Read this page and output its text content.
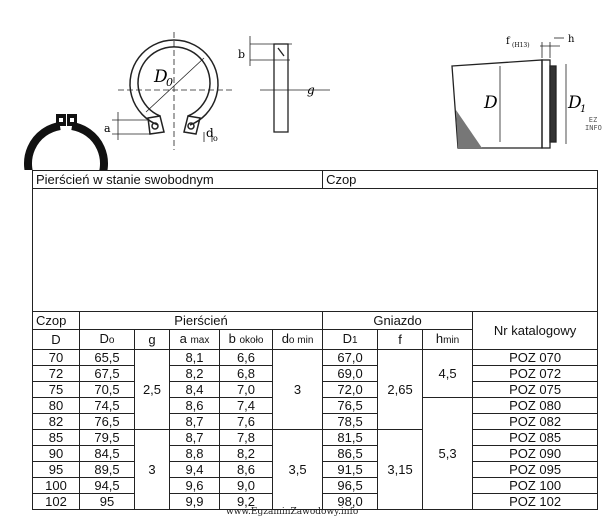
D
0
a	d o
b
g
D	D
1
f (H13)
h
EZ INFO
Pierścień w stanie swobodnym						Czop			

Czop	Pierścień					Gniazdo			Nr katalogowy
D	Do	g	a max	b około	do min	D1	f	hmin	
70	65,5	2,5	8,1	6,6	3	67,0	2,65	4,5	POZ 070
72	67,5		8,2	6,8		69,0			POZ 072
75	70,5		8,4	7,0		72,0			POZ 075
80	74,5		8,6	7,4		76,5		5,3	POZ 080
82	76,5		8,7	7,6		78,5			POZ 082
85	79,5	3	8,7	7,8	3,5	81,5	3,15		POZ 085
90	84,5		8,8	8,2		86,5			POZ 090
95	89,5		9,4	8,6		91,5			POZ 095
100	94,5		9,6	9,0		96,5			POZ 100
102	95		9,9	9,2		98,0			POZ 102
www.EgzaminZawodowy.info
